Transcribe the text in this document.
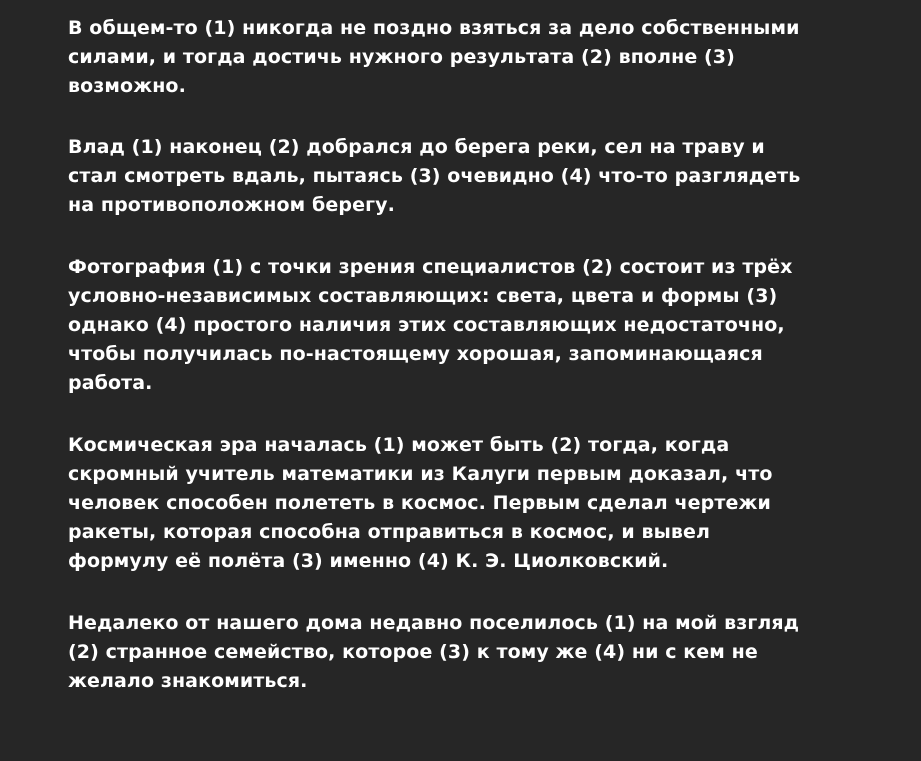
В общем-то (1) никогда не поздно взяться за дело собственными
силами, и тогда достичь нужного результата (2) вполне (3)
возможно.

Влад (1) наконец (2) добрался до берега реки, сел на траву и
стал смотреть вдаль, пытаясь (3) очевидно (4) что-то разглядеть
на противоположном берегу.

Фотография (1) с точки зрения специалистов (2) состоит из трёх
условно-независимых составляющих: света, цвета и формы (3)
однако (4) простого наличия этих составляющих недостаточно,
чтобы получилась по-настоящему хорошая, запоминающаяся
работа.

Космическая эра началась (1) может быть (2) тогда, когда
скромный учитель математики из Калуги первым доказал, что
человек способен полететь в космос. Первым сделал чертежи
ракеты, которая способна отправиться в космос, и вывел
формулу её полёта (3) именно (4) К. Э. Циолковский.

Недалеко от нашего дома недавно поселилось (1) на мой взгляд
(2) странное семейство, которое (3) к тому же (4) ни с кем не
желало знакомиться.
